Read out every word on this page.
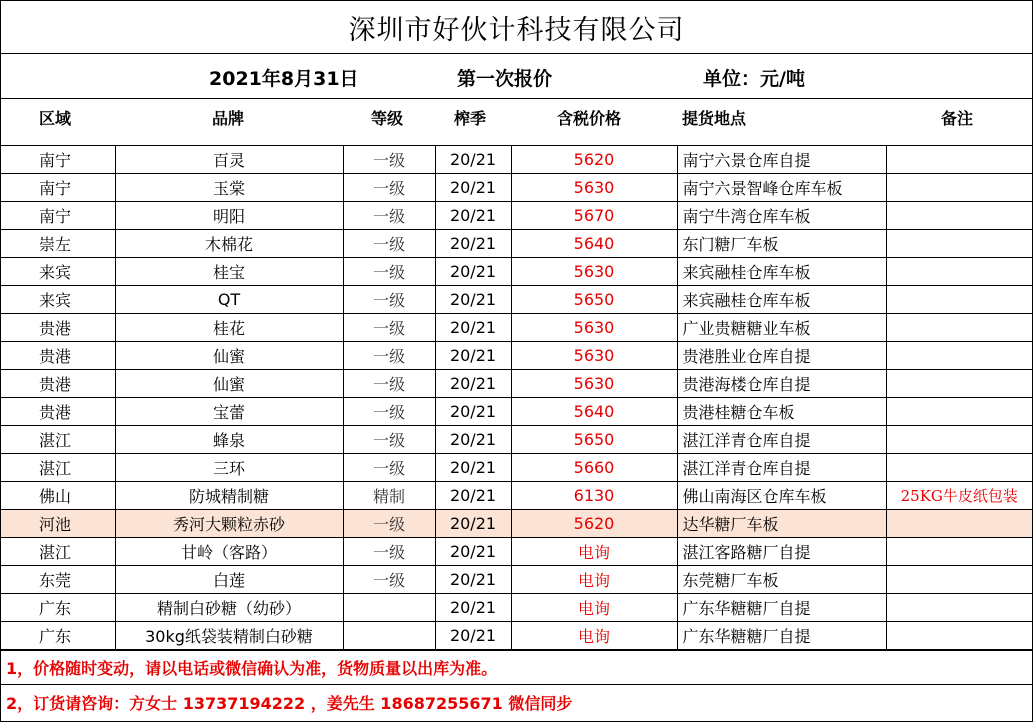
深圳市好伙计科技有限公司
2021年8月31日	第一次报价	单位：元/吨
区域	品牌	等级	榨季	含税价格	提货地点	备注
南宁	百灵	一级	20/21	5620	南宁六景仓库自提	
南宁	玉棠	一级	20/21	5630	南宁六景智峰仓库车板	
南宁	明阳	一级	20/21	5670	南宁牛湾仓库车板	
崇左	木棉花	一级	20/21	5640	东门糖厂车板	
来宾	桂宝	一级	20/21	5630	来宾融桂仓库车板	
来宾	QT	一级	20/21	5650	来宾融桂仓库车板	
贵港	桂花	一级	20/21	5630	广业贵糖糖业车板	
贵港	仙蜜	一级	20/21	5630	贵港胜业仓库自提	
贵港	仙蜜	一级	20/21	5630	贵港海楼仓库自提	
贵港	宝蕾	一级	20/21	5640	贵港桂糖仓车板	
湛江	蜂泉	一级	20/21	5650	湛江洋青仓库自提	
湛江	三环	一级	20/21	5660	湛江洋青仓库自提	
佛山	防城精制糖	精制	20/21	6130	佛山南海区仓库车板	25KG牛皮纸包装
河池	秀河大颗粒赤砂	一级	20/21	5620	达华糖厂车板	
湛江	甘岭（客路）	一级	20/21	电询	湛江客路糖厂自提	
东莞	白莲	一级	20/21	电询	东莞糖厂车板	
广东	精制白砂糖（幼砂）		20/21	电询	广东华糖糖厂自提	
广东	30kg纸袋装精制白砂糖		20/21	电询	广东华糖糖厂自提	
1，价格随时变动，请以电话或微信确认为准，货物质量以出库为准。
2，订货请咨询：方女士 13737194222 ，姜先生 18687255671 微信同步
